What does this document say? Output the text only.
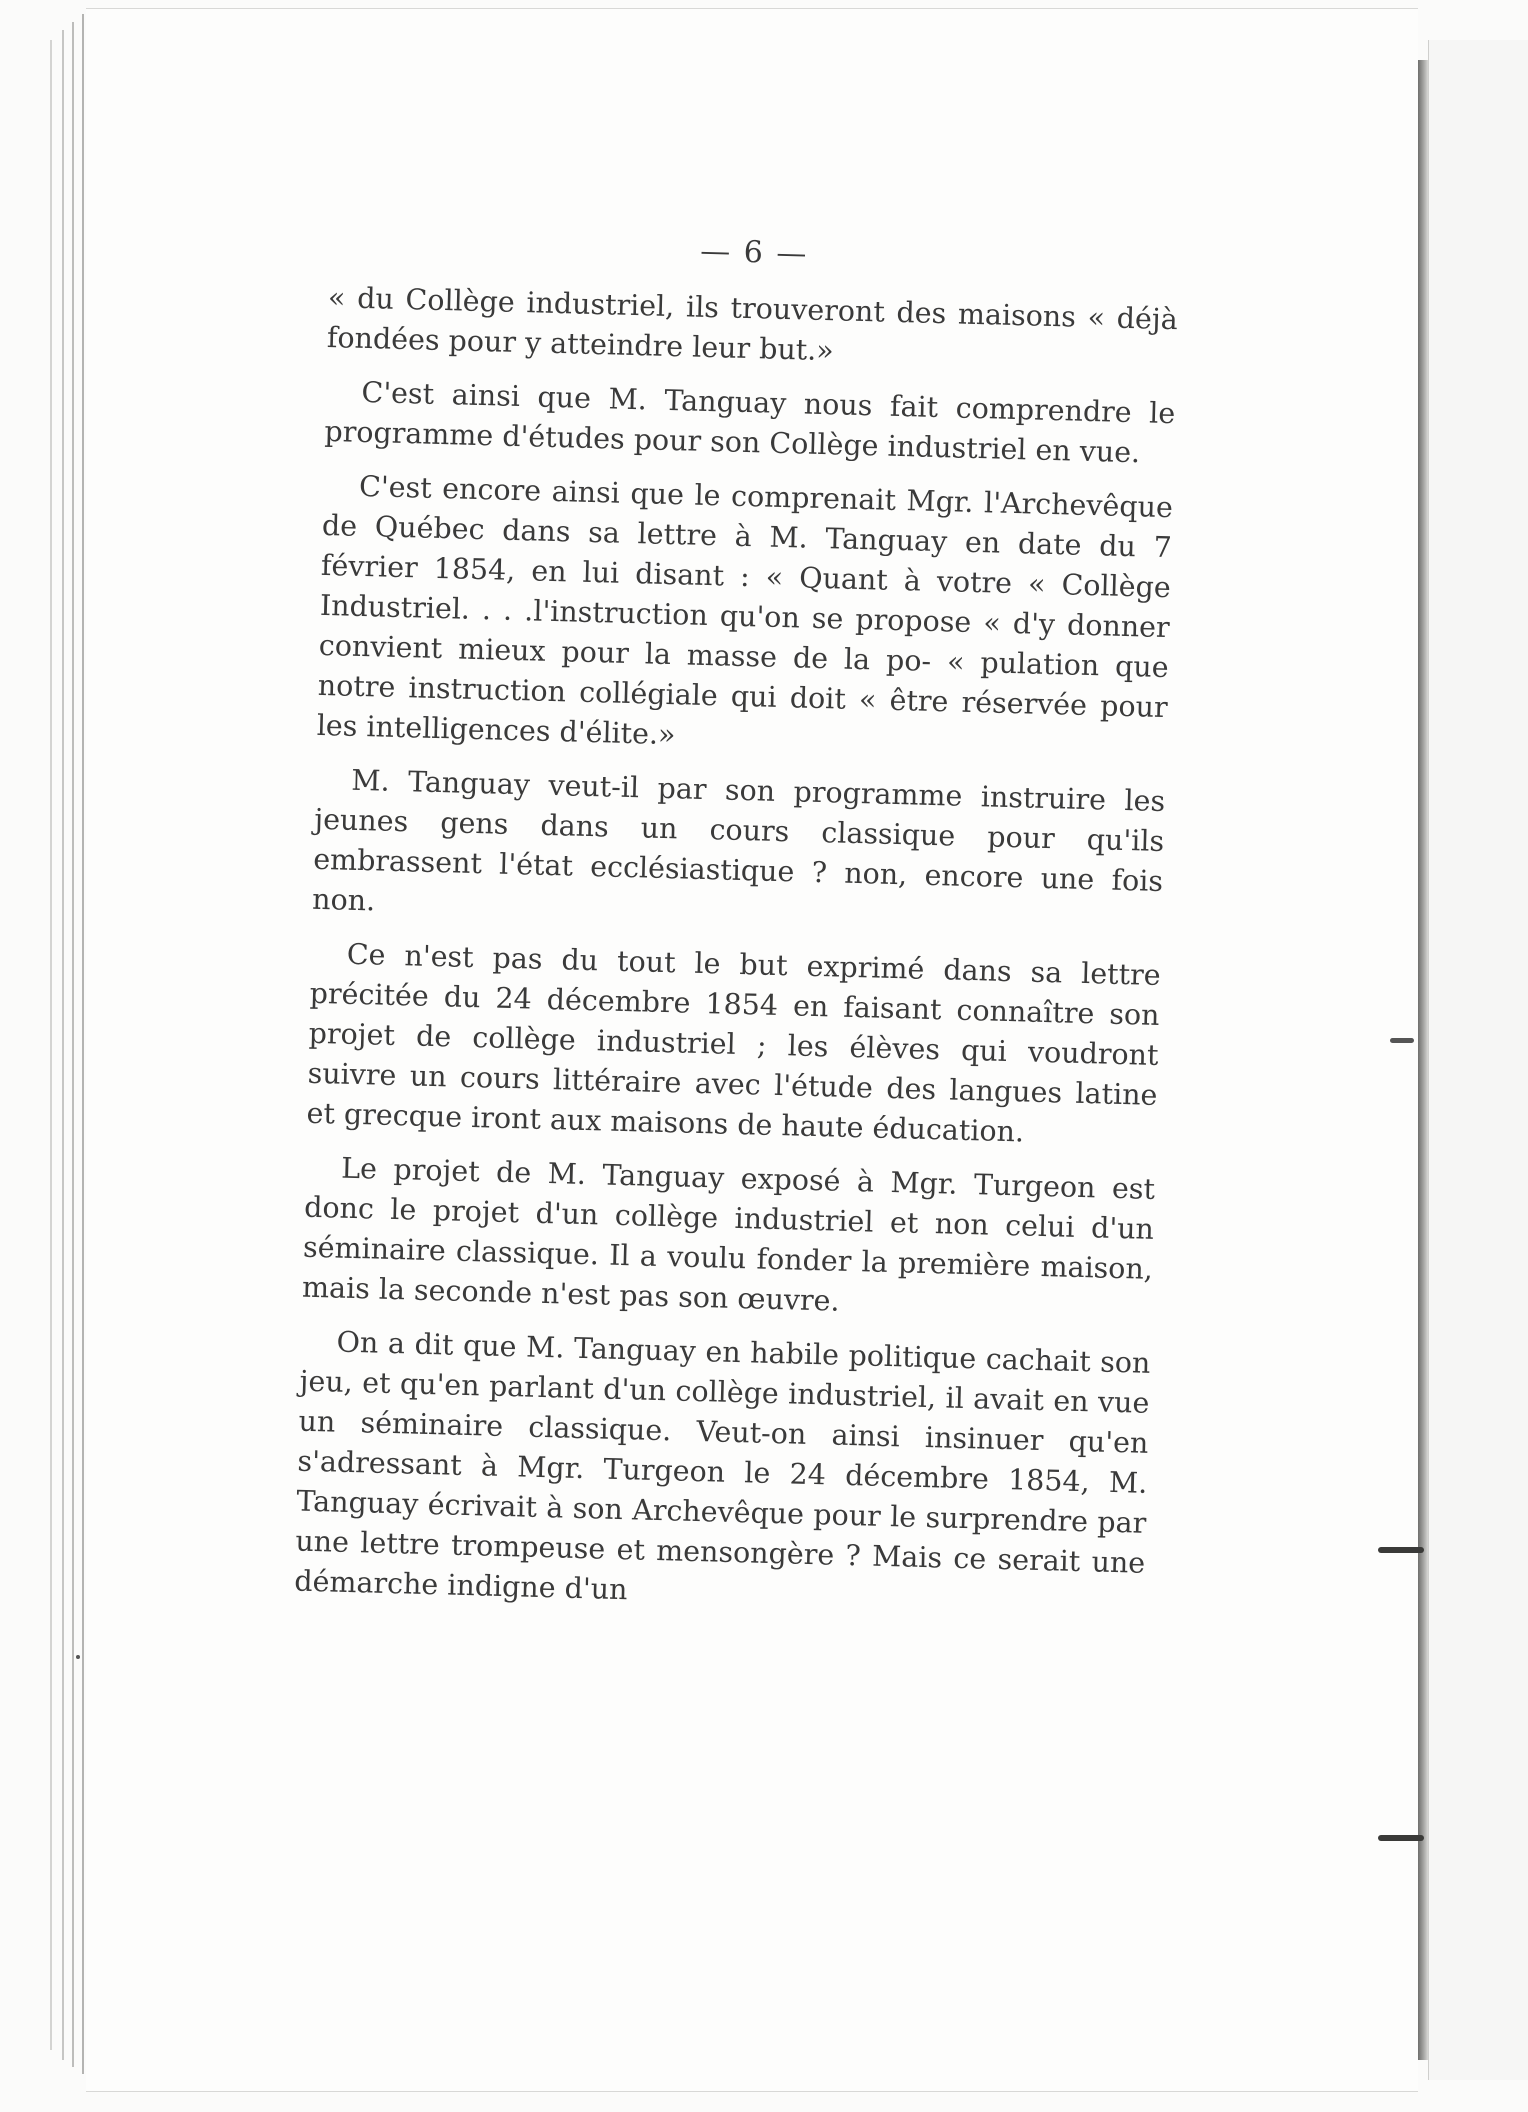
— 6 —

« du Collège industriel, ils trouveront des maisons « déjà fondées pour y atteindre leur but.»

C'est ainsi que M. Tanguay nous fait comprendre le programme d'études pour son Collège industriel en vue.

C'est encore ainsi que le comprenait Mgr. l'Archevêque de Québec dans sa lettre à M. Tanguay en date du 7 février 1854, en lui disant : « Quant à votre « Collège Industriel. . . .l'instruction qu'on se propose « d'y donner convient mieux pour la masse de la po- « pulation que notre instruction collégiale qui doit « être réservée pour les intelligences d'élite.»

M. Tanguay veut-il par son programme instruire les jeunes gens dans un cours classique pour qu'ils embrassent l'état ecclésiastique ? non, encore une fois non.

Ce n'est pas du tout le but exprimé dans sa lettre précitée du 24 décembre 1854 en faisant connaître son projet de collège industriel ; les élèves qui voudront suivre un cours littéraire avec l'étude des langues latine et grecque iront aux maisons de haute éducation.

Le projet de M. Tanguay exposé à Mgr. Turgeon est donc le projet d'un collège industriel et non celui d'un séminaire classique. Il a voulu fonder la première maison, mais la seconde n'est pas son œuvre.

On a dit que M. Tanguay en habile politique cachait son jeu, et qu'en parlant d'un collège industriel, il avait en vue un séminaire classique. Veut-on ainsi insinuer qu'en s'adressant à Mgr. Turgeon le 24 décembre 1854, M. Tanguay écrivait à son Archevêque pour le surprendre par une lettre trompeuse et mensongère ? Mais ce serait une démarche indigne d'un
